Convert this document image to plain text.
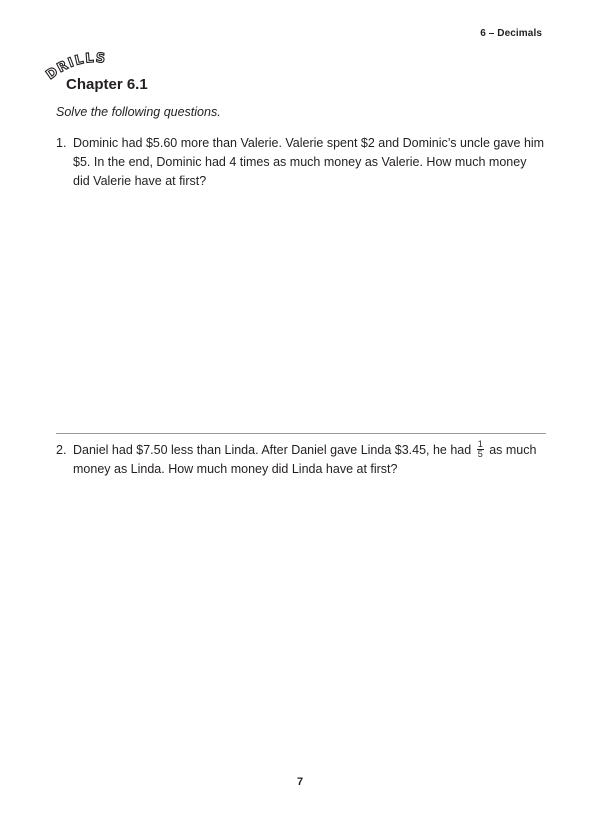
6 – Decimals
DRILLS
Chapter 6.1
Solve the following questions.
1. Dominic had $5.60 more than Valerie. Valerie spent $2 and Dominic’s uncle gave him $5. In the end, Dominic had 4 times as much money as Valerie. How much money did Valerie have at first?
2. Daniel had $7.50 less than Linda. After Daniel gave Linda $3.45, he had $\frac{1}{5}$ as much money as Linda. How much money did Linda have at first?
7
